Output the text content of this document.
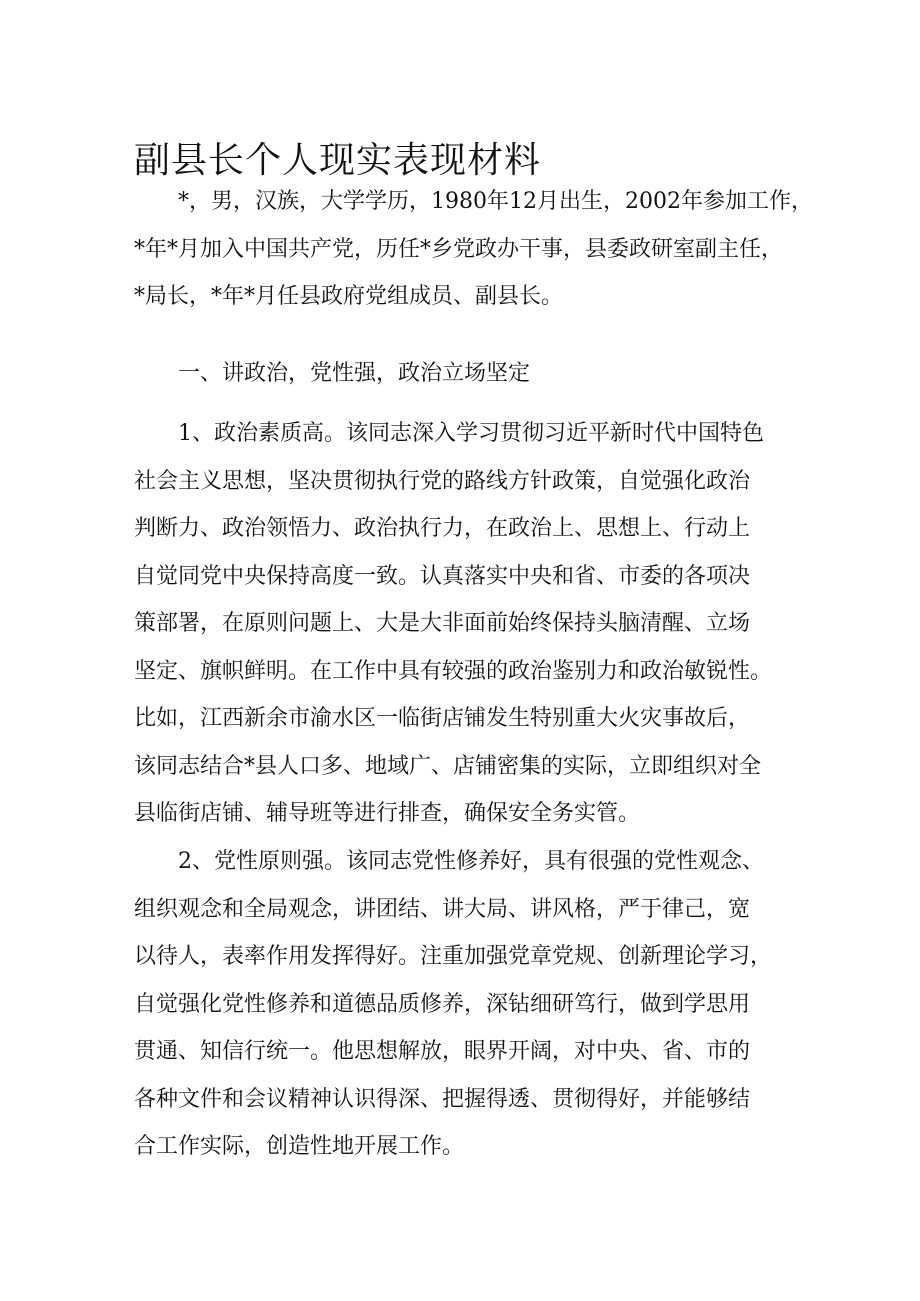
副县长个人现实表现材料
*，男，汉族，大学学历，1980年12月出生，2002年参加工作，
*年*月加入中国共产党，历任*乡党政办干事，县委政研室副主任，
*局长，*年*月任县政府党组成员、副县长。
一、讲政治，党性强，政治立场坚定
1、政治素质高。该同志深入学习贯彻习近平新时代中国特色
社会主义思想，坚决贯彻执行党的路线方针政策，自觉强化政治
判断力、政治领悟力、政治执行力，在政治上、思想上、行动上
自觉同党中央保持高度一致。认真落实中央和省、市委的各项决
策部署，在原则问题上、大是大非面前始终保持头脑清醒、立场
坚定、旗帜鲜明。在工作中具有较强的政治鉴别力和政治敏锐性。
比如，江西新余市渝水区一临街店铺发生特别重大火灾事故后，
该同志结合*县人口多、地域广、店铺密集的实际，立即组织对全
县临街店铺、辅导班等进行排查，确保安全务实管。
2、党性原则强。该同志党性修养好，具有很强的党性观念、
组织观念和全局观念，讲团结、讲大局、讲风格，严于律己，宽
以待人，表率作用发挥得好。注重加强党章党规、创新理论学习，
自觉强化党性修养和道德品质修养，深钻细研笃行，做到学思用
贯通、知信行统一。他思想解放，眼界开阔，对中央、省、市的
各种文件和会议精神认识得深、把握得透、贯彻得好，并能够结
合工作实际，创造性地开展工作。
